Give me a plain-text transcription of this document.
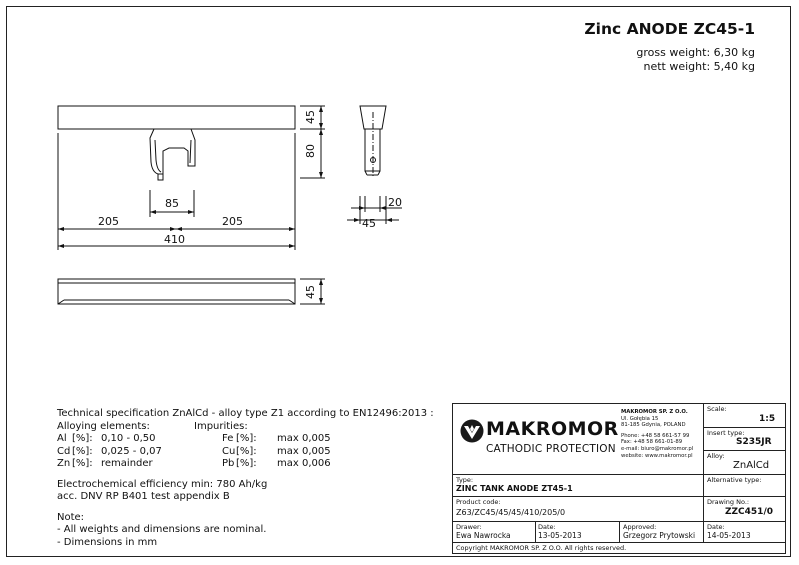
Zinc ANODE ZC45-1
gross weight: 6,30 kg
nett weight: 5,40 kg
45
80
85
205	205
410
20
45
45
Technical specification ZnAlCd - alloy type Z1 according to EN12496:2013 :
Alloying elements:	Impurities:
Al [%]: 0,10 - 0,50	Fe [%]: max 0,005
Cd [%]: 0,025 - 0,07	Cu [%]: max 0,005
Zn [%]: remainder	Pb [%]: max 0,006
Electrochemical efficiency min: 780 Ah/kg
acc. DNV RP B401 test appendix B
Note:
- All weights and dimensions are nominal.
- Dimensions in mm
Scale:
1:5
Insert type:
S235JR
Alloy:
ZnAlCd
Alternative type:
Type:
ZINC TANK ANODE ZT45-1
Product code:
Z63/ZC45/45/45/410/205/0
Drawing No.:
ZZC451/0
Drawer:
Ewa Nawrocka
Date:
13-05-2013
Approved:
Grzegorz Prytowski
Date:
14-05-2013
Copyright MAKROMOR SP. Z O.O. All rights reserved.
MAKROMOR
CATHODIC PROTECTION
MAKROMOR SP. Z O.O.
Ul. Gołębia 15
81-185 Gdynia, POLAND
Phone: +48 58 661-57 99
Fax: +48 58 661-01-89
e-mail: biuro@makromor.pl
website: www.makromor.pl
